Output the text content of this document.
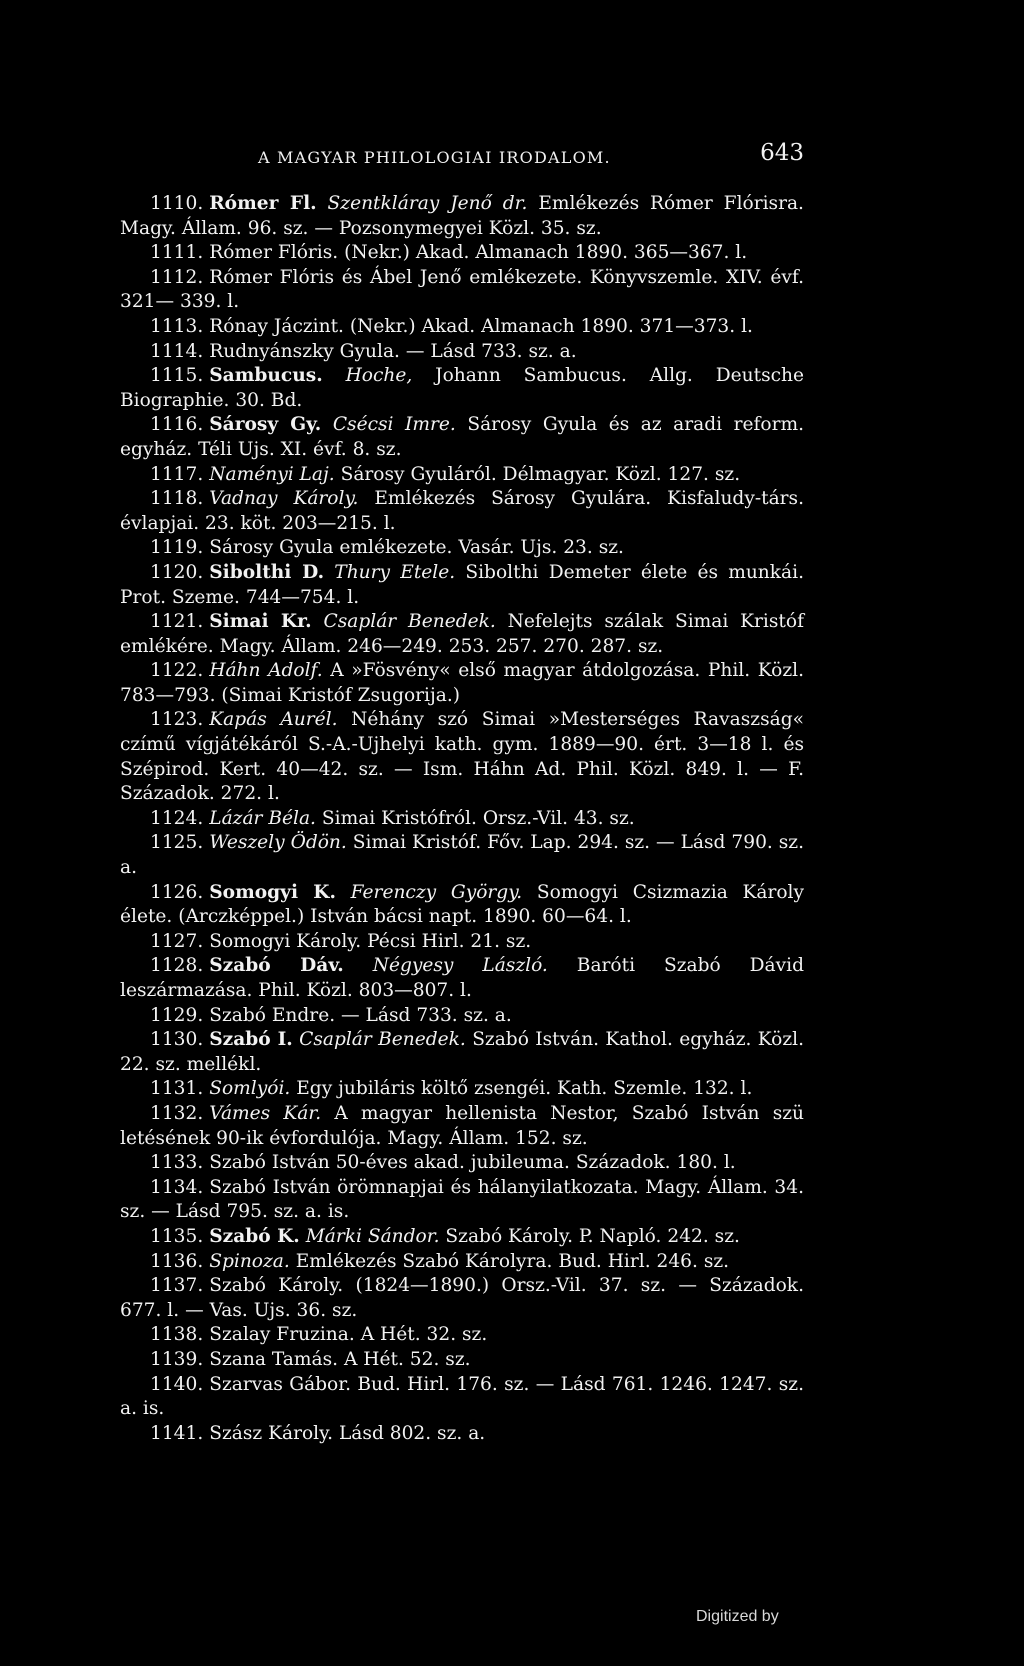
A MAGYAR PHILOLOGIAI IRODALOM.	643

1110. Rómer Fl. Szentkláray Jenő dr. Emlékezés Rómer Flórisra. Magy. Állam. 96. sz. — Pozsonymegyei Közl. 35. sz.

1111. Rómer Flóris. (Nekr.) Akad. Almanach 1890. 365—367. l.

1112. Rómer Flóris és Ábel Jenő emlékezete. Könyvszemle. XIV. évf. 321— 339. l.

1113. Rónay Jáczint. (Nekr.) Akad. Almanach 1890. 371—373. l.

1114. Rudnyánszky Gyula. — Lásd 733. sz. a.

1115. Sambucus. Hoche, Johann Sambucus. Allg. Deutsche Biographie. 30. Bd.

1116. Sárosy Gy. Csécsi Imre. Sárosy Gyula és az aradi reform. egyház. Téli Ujs. XI. évf. 8. sz.

1117. Naményi Laj. Sárosy Gyuláról. Délmagyar. Közl. 127. sz.

1118. Vadnay Károly. Emlékezés Sárosy Gyulára. Kisfaludy-társ. évlapjai. 23. köt. 203—215. l.

1119. Sárosy Gyula emlékezete. Vasár. Ujs. 23. sz.

1120. Sibolthi D. Thury Etele. Sibolthi Demeter élete és munkái. Prot. Szeme. 744—754. l.

1121. Simai Kr. Csaplár Benedek. Nefelejts szálak Simai Kristóf emlékére. Magy. Állam. 246—249. 253. 257. 270. 287. sz.

1122. Háhn Adolf. A »Fösvény« első magyar átdolgozása. Phil. Közl. 783—793. (Simai Kristóf Zsugorija.)

1123. Kapás Aurél. Néhány szó Simai »Mesterséges Ravaszság« czímű vígjátékáról S.-A.-Ujhelyi kath. gym. 1889—90. ért. 3—18 l. és Szépirod. Kert. 40—42. sz. — Ism. Háhn Ad. Phil. Közl. 849. l. — F. Századok. 272. l.

1124. Lázár Béla. Simai Kristófról. Orsz.-Vil. 43. sz.

1125. Weszely Ödön. Simai Kristóf. Főv. Lap. 294. sz. — Lásd 790. sz. a.

1126. Somogyi K. Ferenczy György. Somogyi Csizmazia Károly élete. (Arczképpel.) István bácsi napt. 1890. 60—64. l.

1127. Somogyi Károly. Pécsi Hirl. 21. sz.

1128. Szabó Dáv. Négyesy László. Baróti Szabó Dávid leszármazása. Phil. Közl. 803—807. l.

1129. Szabó Endre. — Lásd 733. sz. a.

1130. Szabó I. Csaplár Benedek. Szabó István. Kathol. egyház. Közl. 22. sz. mellékl.

1131. Somlyói. Egy jubiláris költő zsengéi. Kath. Szemle. 132. l.

1132. Vámes Kár. A magyar hellenista Nestor, Szabó István szü letésének 90-ik évfordulója. Magy. Állam. 152. sz.

1133. Szabó István 50-éves akad. jubileuma. Századok. 180. l.

1134. Szabó István örömnapjai és hálanyilatkozata. Magy. Állam. 34. sz. — Lásd 795. sz. a. is.

1135. Szabó K. Márki Sándor. Szabó Károly. P. Napló. 242. sz.

1136. Spinoza. Emlékezés Szabó Károlyra. Bud. Hirl. 246. sz.

1137. Szabó Károly. (1824—1890.) Orsz.-Vil. 37. sz. — Századok. 677. l. — Vas. Ujs. 36. sz.

1138. Szalay Fruzina. A Hét. 32. sz.

1139. Szana Tamás. A Hét. 52. sz.

1140. Szarvas Gábor. Bud. Hirl. 176. sz. — Lásd 761. 1246. 1247. sz. a. is.

1141. Szász Károly. Lásd 802. sz. a.

Digitized by
